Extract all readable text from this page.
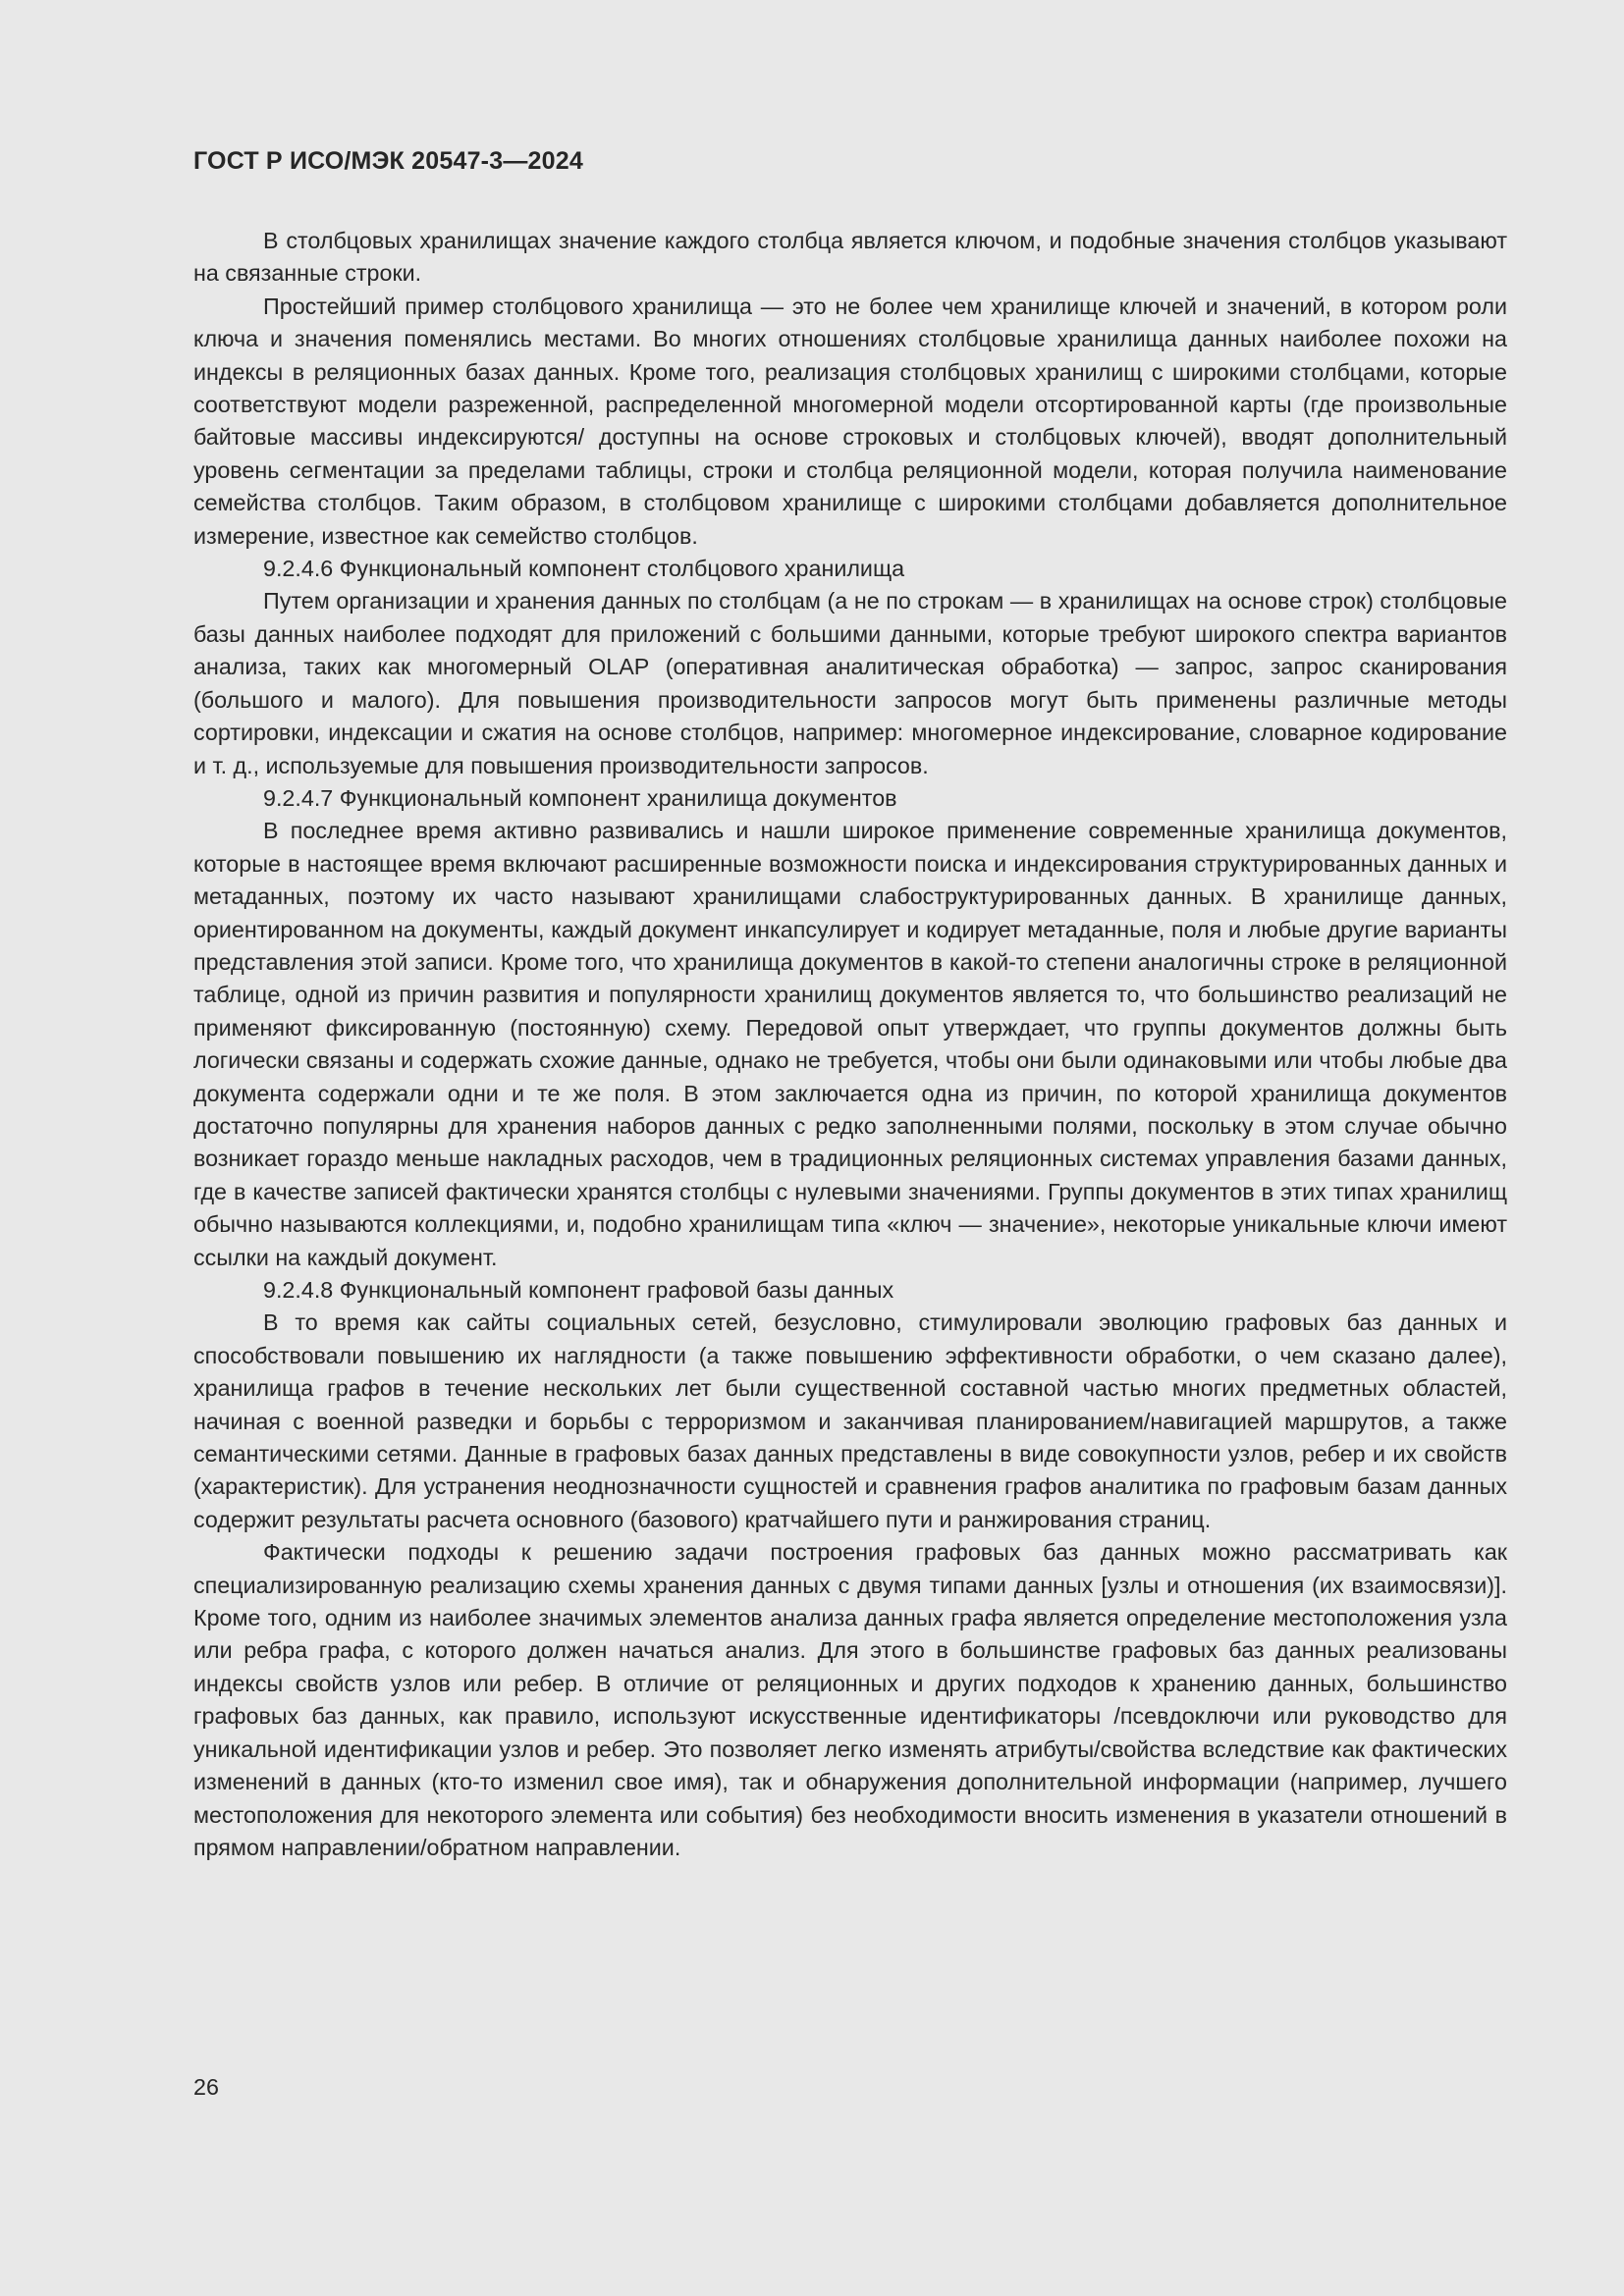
ГОСТ Р ИСО/МЭК 20547-3—2024

В столбцовых хранилищах значение каждого столбца является ключом, и подобные значения столбцов указывают на связанные строки.

Простейший пример столбцового хранилища — это не более чем хранилище ключей и значений, в котором роли ключа и значения поменялись местами. Во многих отношениях столбцовые хранилища данных наиболее похожи на индексы в реляционных базах данных. Кроме того, реализация столбцовых хранилищ с широкими столбцами, которые соответствуют модели разреженной, распределенной многомерной модели отсортированной карты (где произвольные байтовые массивы индексируются/ доступны на основе строковых и столбцовых ключей), вводят дополнительный уровень сегментации за пределами таблицы, строки и столбца реляционной модели, которая получила наименование семейства столбцов. Таким образом, в столбцовом хранилище с широкими столбцами добавляется дополнительное измерение, известное как семейство столбцов.

9.2.4.6 Функциональный компонент столбцового хранилища

Путем организации и хранения данных по столбцам (а не по строкам — в хранилищах на основе строк) столбцовые базы данных наиболее подходят для приложений с большими данными, которые требуют широкого спектра вариантов анализа, таких как многомерный OLAP (оперативная аналитическая обработка) — запрос, запрос сканирования (большого и малого). Для повышения производительности запросов могут быть применены различные методы сортировки, индексации и сжатия на основе столбцов, например: многомерное индексирование, словарное кодирование и т. д., используемые для повышения производительности запросов.

9.2.4.7 Функциональный компонент хранилища документов

В последнее время активно развивались и нашли широкое применение современные хранилища документов, которые в настоящее время включают расширенные возможности поиска и индексирования структурированных данных и метаданных, поэтому их часто называют хранилищами слабоструктурированных данных. В хранилище данных, ориентированном на документы, каждый документ инкапсулирует и кодирует метаданные, поля и любые другие варианты представления этой записи. Кроме того, что хранилища документов в какой-то степени аналогичны строке в реляционной таблице, одной из причин развития и популярности хранилищ документов является то, что большинство реализаций не применяют фиксированную (постоянную) схему. Передовой опыт утверждает, что группы документов должны быть логически связаны и содержать схожие данные, однако не требуется, чтобы они были одинаковыми или чтобы любые два документа содержали одни и те же поля. В этом заключается одна из причин, по которой хранилища документов достаточно популярны для хранения наборов данных с редко заполненными полями, поскольку в этом случае обычно возникает гораздо меньше накладных расходов, чем в традиционных реляционных системах управления базами данных, где в качестве записей фактически хранятся столбцы с нулевыми значениями. Группы документов в этих типах хранилищ обычно называются коллекциями, и, подобно хранилищам типа «ключ — значение», некоторые уникальные ключи имеют ссылки на каждый документ.

9.2.4.8 Функциональный компонент графовой базы данных

В то время как сайты социальных сетей, безусловно, стимулировали эволюцию графовых баз данных и способствовали повышению их наглядности (а также повышению эффективности обработки, о чем сказано далее), хранилища графов в течение нескольких лет были существенной составной частью многих предметных областей, начиная с военной разведки и борьбы с терроризмом и заканчивая планированием/навигацией маршрутов, а также семантическими сетями. Данные в графовых базах данных представлены в виде совокупности узлов, ребер и их свойств (характеристик). Для устранения неоднозначности сущностей и сравнения графов аналитика по графовым базам данных содержит результаты расчета основного (базового) кратчайшего пути и ранжирования страниц.

Фактически подходы к решению задачи построения графовых баз данных можно рассматривать как специализированную реализацию схемы хранения данных с двумя типами данных [узлы и отношения (их взаимосвязи)]. Кроме того, одним из наиболее значимых элементов анализа данных графа является определение местоположения узла или ребра графа, с которого должен начаться анализ. Для этого в большинстве графовых баз данных реализованы индексы свойств узлов или ребер. В отличие от реляционных и других подходов к хранению данных, большинство графовых баз данных, как правило, используют искусственные идентификаторы /псевдоключи или руководство для уникальной идентификации узлов и ребер. Это позволяет легко изменять атрибуты/свойства вследствие как фактических изменений в данных (кто-то изменил свое имя), так и обнаружения дополнительной информации (например, лучшего местоположения для некоторого элемента или события) без необходимости вносить изменения в указатели отношений в прямом направлении/обратном направлении.

26
